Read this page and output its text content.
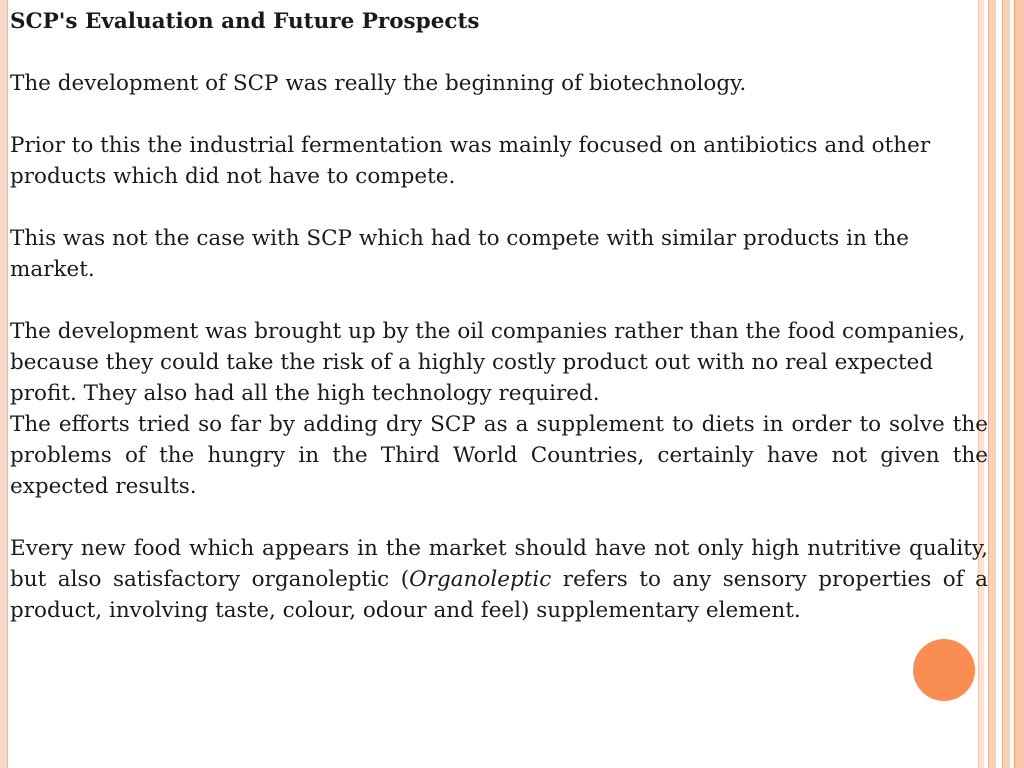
SCP's Evaluation and Future Prospects

The development of SCP was really the beginning of biotechnology.

Prior to this the industrial fermentation was mainly focused on antibiotics and other products which did not have to compete.

This was not the case with SCP which had to compete with similar products in the market.

The development was brought up by the oil companies rather than the food companies, because they could take the risk of a highly costly product out with no real expected profit. They also had all the high technology required.

The efforts tried so far by adding dry SCP as a supplement to diets in order to solve the problems of the hungry in the Third World Countries, certainly have not given the expected results.

Every new food which appears in the market should have not only high nutritive quality, but also satisfactory organoleptic (Organoleptic refers to any sensory properties of a product, involving taste, colour, odour and feel) supplementary element.
